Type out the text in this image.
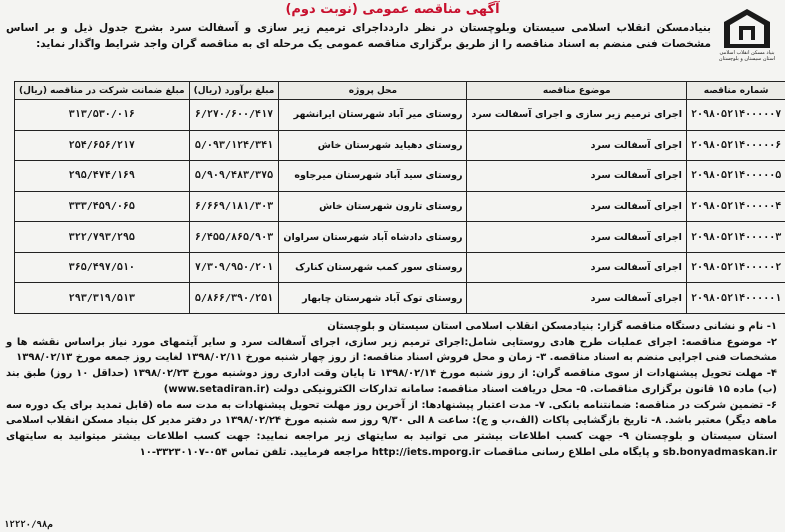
آگهی مناقصه عمومی (نوبت دوم)
بنیاد مسکن انقلاب اسلامی استان سیستان و بلوچستان
بنیادمسکن انقلاب اسلامی سیستان وبلوچستان در نظر داردداجرای ترمیم زیر سازی و آسفالت سرد بشرح جدول ذیل و بر اساس مشخصات فنی منضم به اسناد مناقصه را از طریق برگزاری مناقصه عمومی یک مرحله ای به مناقصه گران واجد شرایط واگذار نماید:
شماره مناقصه	موضوع مناقصه	محل پروژه	مبلغ برآورد (ریال)	مبلغ ضمانت شرکت در مناقصه (ریال)
۲۰۹۸۰۵۲۱۴۰۰۰۰۰۷	اجرای ترمیم زیر سازی و اجرای آسفالت سرد	روستای میر آباد شهرستان ایرانشهر	۶/۲۷۰/۶۰۰/۴۱۷	۳۱۳/۵۳۰/۰۱۶
۲۰۹۸۰۵۲۱۴۰۰۰۰۰۶	اجرای آسفالت سرد	روستای دهیاید شهرستان خاش	۵/۰۹۳/۱۲۴/۳۴۱	۲۵۴/۶۵۶/۲۱۷
۲۰۹۸۰۵۲۱۴۰۰۰۰۰۵	اجرای آسفالت سرد	روستای سید آباد شهرستان میرجاوه	۵/۹۰۹/۴۸۳/۳۷۵	۲۹۵/۴۷۴/۱۶۹
۲۰۹۸۰۵۲۱۴۰۰۰۰۰۴	اجرای آسفالت سرد	روستای تارون شهرستان خاش	۶/۶۶۹/۱۸۱/۳۰۳	۳۳۳/۴۵۹/۰۶۵
۲۰۹۸۰۵۲۱۴۰۰۰۰۰۳	اجرای آسفالت سرد	روستای دادشاه آباد شهرستان سراوان	۶/۴۵۵/۸۶۵/۹۰۳	۳۲۲/۷۹۳/۲۹۵
۲۰۹۸۰۵۲۱۴۰۰۰۰۰۲	اجرای آسفالت سرد	روستای سور کمب شهرستان کنارک	۷/۳۰۹/۹۵۰/۲۰۱	۳۶۵/۴۹۷/۵۱۰
۲۰۹۸۰۵۲۱۴۰۰۰۰۰۱	اجرای آسفالت سرد	روستای توک آباد شهرستان چابهار	۵/۸۶۶/۳۹۰/۲۵۱	۲۹۳/۳۱۹/۵۱۳

۱- نام و نشانی دستگاه مناقصه گزار: بنیادمسکن انقلاب اسلامی استان سیستان و بلوچستان

۲- موضوع مناقصه: اجرای عملیات طرح هادی روستایی شامل:اجرای ترمیم زیر سازی، اجرای آسفالت سرد و سایر آیتمهای مورد نیاز براساس نقشه ها و مشخصات فنی اجرایی منضم به اسناد مناقصه. ۳- زمان و محل فروش اسناد مناقصه: از روز چهار شنبه مورخ ۱۳۹۸/۰۲/۱۱ لغایت روز جمعه مورخ ۱۳۹۸/۰۲/۱۳

۴- مهلت تحویل پیشنهادات از سوی مناقصه گران: از روز شنبه مورخ ۱۳۹۸/۰۲/۱۴ تا پایان وقت اداری روز دوشنبه مورخ ۱۳۹۸/۰۲/۲۳ (حداقل ۱۰ روز) طبق بند (ب) ماده ۱۵ قانون برگزاری مناقصات. ۵- محل دریافت اسناد مناقصه: سامانه تدارکات الکترونیکی دولت (www.setadiran.ir)

۶- تضمین شرکت در مناقصه: ضمانتنامه بانکی. ۷- مدت اعتبار پیشنهادها: از آخرین روز مهلت تحویل پیشنهادات به مدت سه ماه (قابل تمدید برای یک دوره سه ماهه دیگر) معتبر باشد. ۸- تاریخ بازگشایی پاکات (الف،ب و ج): ساعت ۸ الی ۹/۳۰ روز سه شنبه مورخ ۱۳۹۸/۰۲/۲۴ در دفتر مدیر کل بنیاد مسکن انقلاب اسلامی استان سیستان و بلوچستان ۹- جهت کسب اطلاعات بیشتر می توانید به سایتهای زیر مراجعه نمایید: جهت کسب اطلاعات بیشتر میتوانید به سایتهای sb.bonyadmaskan.ir و پایگاه ملی اطلاع رسانی مناقصات http://iets.mporg.ir مراجعه فرمایید. تلفن تماس ۰۵۴-۳۳۲۳۰۱۰۷-۱۰

۱۲۲۲۰/م۹۸
